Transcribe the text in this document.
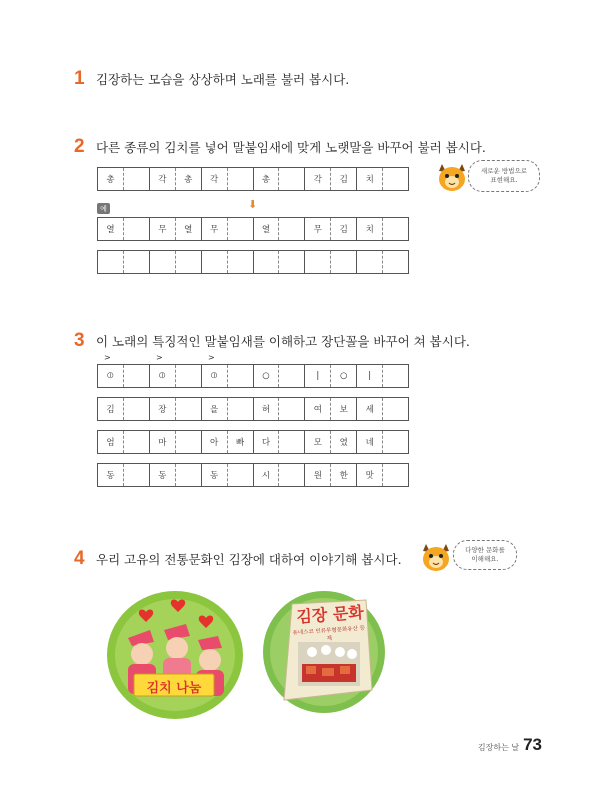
1 김장하는 모습을 상상하며 노래를 불러 봅시다.
2 다른 종류의 김치를 넣어 말붙임새에 맞게 노랫말을 바꾸어 불러 봅시다.
총	각	총	각	총	각	김	치
예	⬇
열	무	열	무	열	무	김	치
새로운 방법으로
표현해요.
3 이 노래의 특징적인 말붙임새를 이해하고 장단꼴을 바꾸어 쳐 봅시다.
>	>	>
⦶	⦶	⦶	○	|	○	|
김	장	을	허	여	보	세
엄	마	아	빠	다	모	였	네
동	동	동	시	원	한	맛
4 우리 고유의 전통문화인 김장에 대하여 이야기해 봅시다.
다양한 문화를
이해해요.
김치 나눔
김장 문화
유네스코 인류무형문화유산 등재
김장하는 날 73
